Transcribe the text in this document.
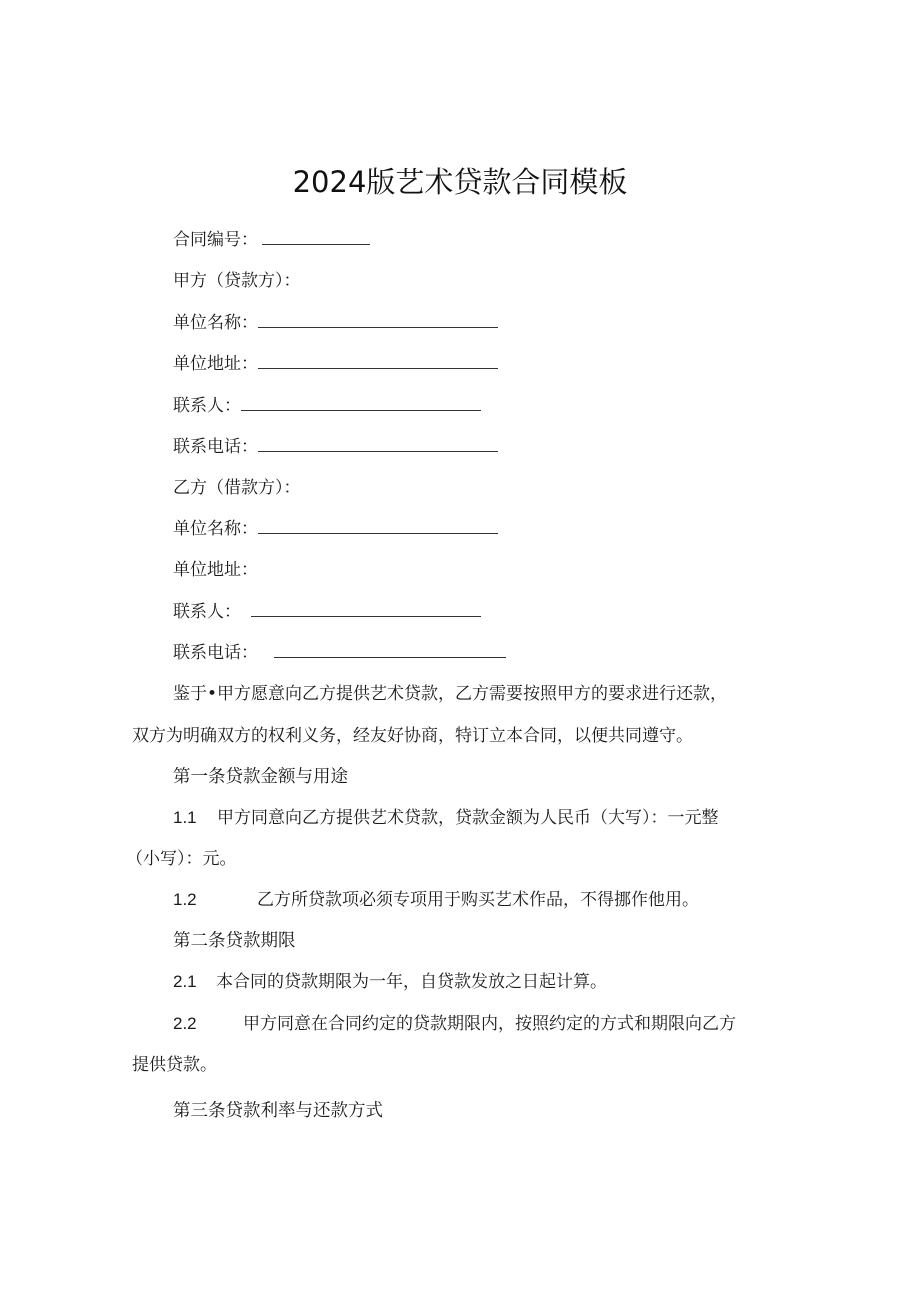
2024版艺术贷款合同模板
合同编号：
甲方（贷款方）：
单位名称：
单位地址：
联系人：
联系电话：
乙方（借款方）：
单位名称：
单位地址：
联系人：
联系电话：
鉴于•甲方愿意向乙方提供艺术贷款，乙方需要按照甲方的要求进行还款，
双方为明确双方的权利义务，经友好协商，特订立本合同，以便共同遵守。
第一条贷款金额与用途
1.1 甲方同意向乙方提供艺术贷款，贷款金额为人民币（大写）：一元整
（小写）：元。
1.2	乙方所贷款项必须专项用于购买艺术作品，不得挪作他用。
第二条贷款期限
2.1 本合同的贷款期限为一年，自贷款发放之日起计算。
2.2	甲方同意在合同约定的贷款期限内，按照约定的方式和期限向乙方
提供贷款。
第三条贷款利率与还款方式
